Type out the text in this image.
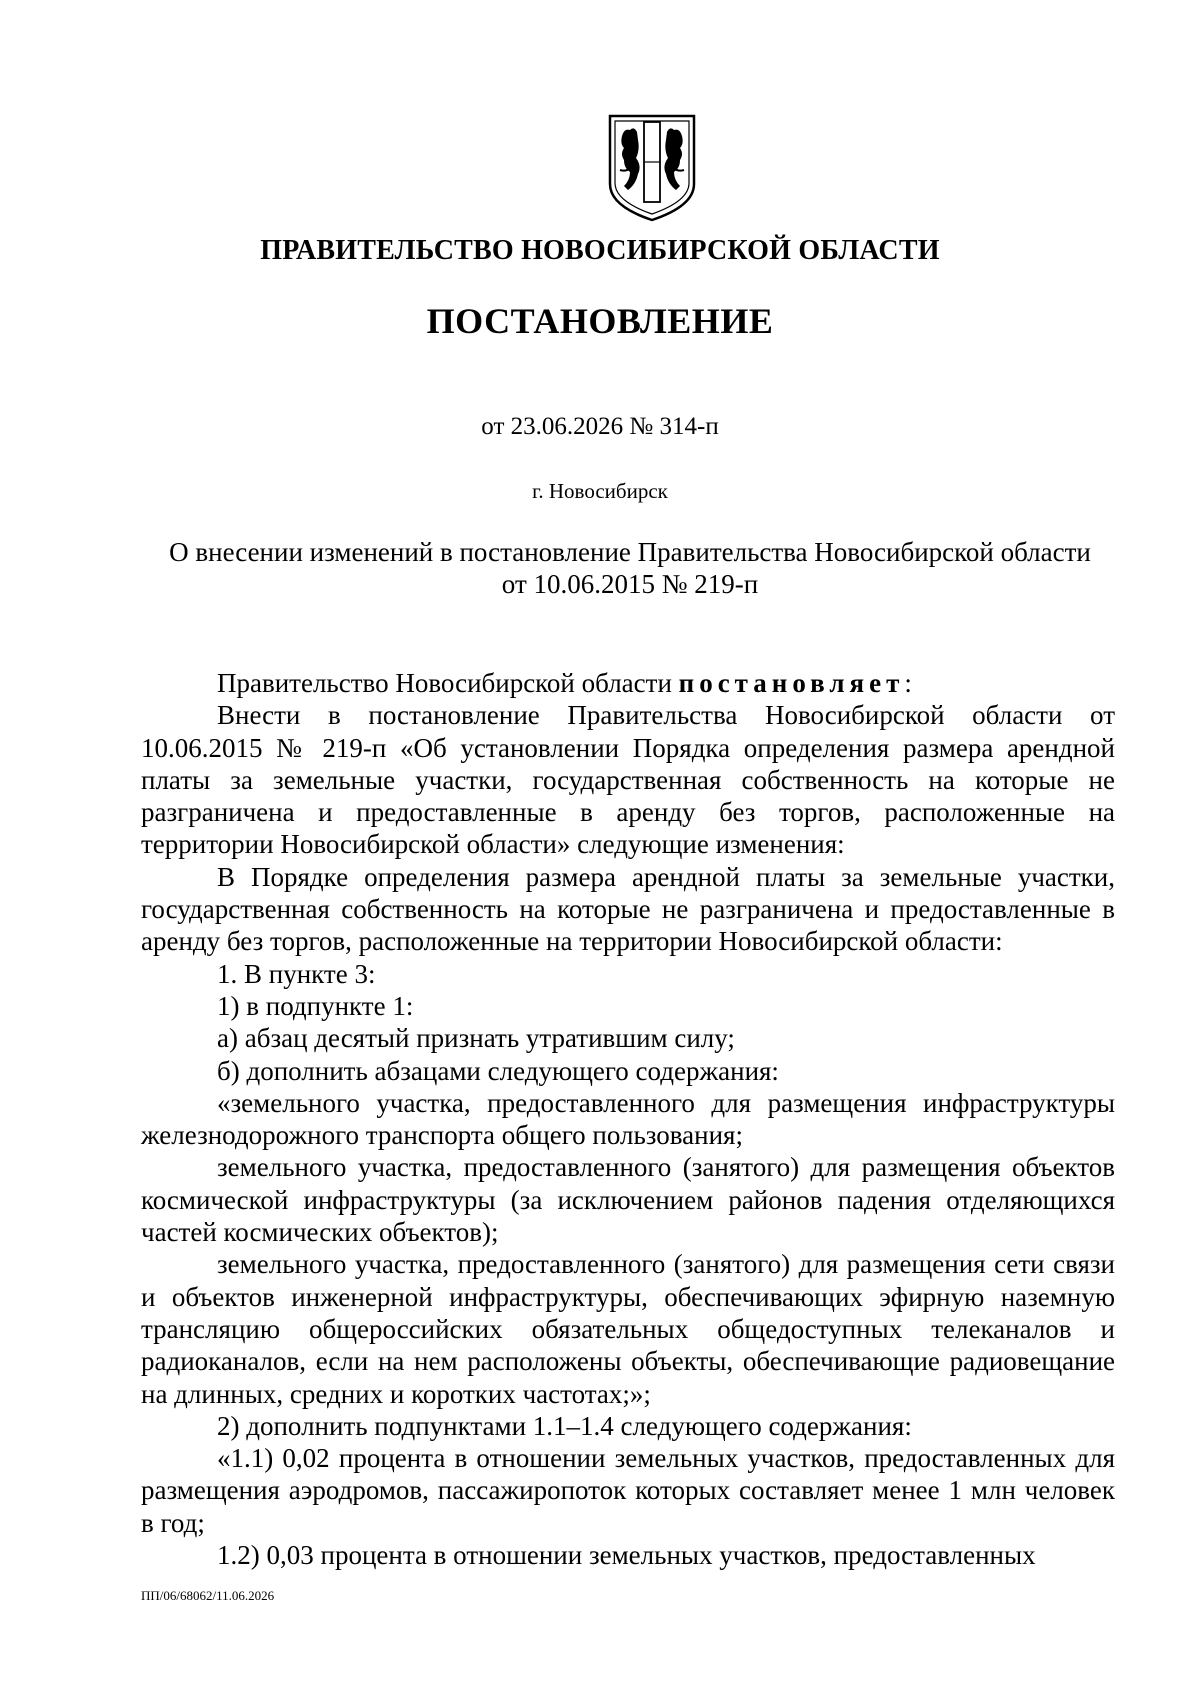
ПРАВИТЕЛЬСТВО НОВОСИБИРСКОЙ ОБЛАСТИ
ПОСТАНОВЛЕНИЕ
от 23.06.2026 № 314-п
г. Новосибирск
О внесении изменений в постановление Правительства Новосибирской области
от 10.06.2015 № 219-п

Правительство Новосибирской области постановляет:

Внести в постановление Правительства Новосибирской области от 10.06.2015 № 219-п «Об установлении Порядка определения размера арендной платы за земельные участки, государственная собственность на которые не разграничена и предоставленные в аренду без торгов, расположенные на территории Новосибирской области» следующие изменения:

В Порядке определения размера арендной платы за земельные участки, государственная собственность на которые не разграничена и предоставленные в аренду без торгов, расположенные на территории Новосибирской области:

1. В пункте 3:

1) в подпункте 1:

а) абзац десятый признать утратившим силу;

б) дополнить абзацами следующего содержания:

«земельного участка, предоставленного для размещения инфраструктуры железнодорожного транспорта общего пользования;

земельного участка, предоставленного (занятого) для размещения объектов космической инфраструктуры (за исключением районов падения отделяющихся частей космических объектов);

земельного участка, предоставленного (занятого) для размещения сети связи и объектов инженерной инфраструктуры, обеспечивающих эфирную наземную трансляцию общероссийских обязательных общедоступных телеканалов и радиоканалов, если на нем расположены объекты, обеспечивающие радиовещание на длинных, средних и коротких частотах;»;

2) дополнить подпунктами 1.1–1.4 следующего содержания:

«1.1) 0,02 процента в отношении земельных участков, предоставленных для размещения аэродромов, пассажиропоток которых составляет менее 1 млн человек в год;

1.2) 0,03 процента в отношении земельных участков, предоставленных

ПП/06/68062/11.06.2026
